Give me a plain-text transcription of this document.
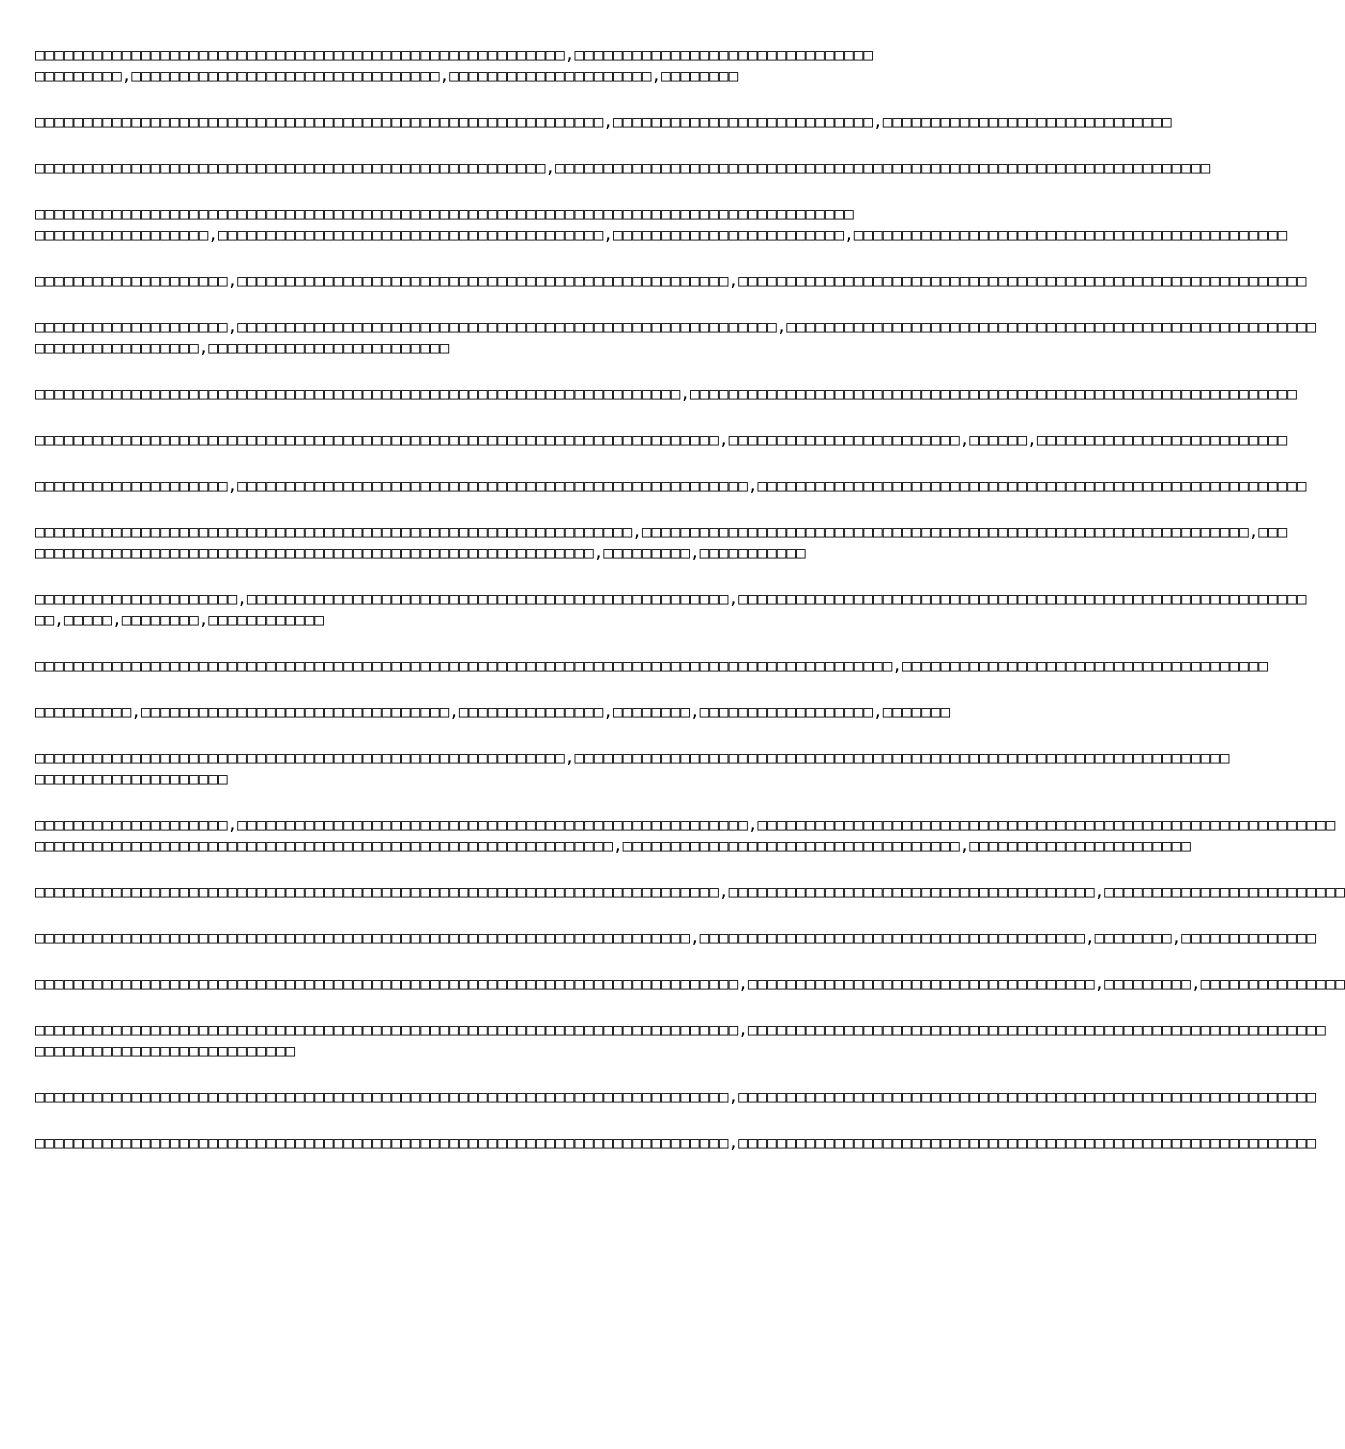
□□□□□□□□□□□□□□□□□□□□□□□□□□□□□□□□□□□□□□□□□□□□□□□□□□□□□□□,□□□□□□□□□□□□□□□□□□□□□□□□□□□□□□□
□□□□□□□□□,□□□□□□□□□□□□□□□□□□□□□□□□□□□□□□□□,□□□□□□□□□□□□□□□□□□□□□,□□□□□□□□
□□□□□□□□□□□□□□□□□□□□□□□□□□□□□□□□□□□□□□□□□□□□□□□□□□□□□□□□□□□,□□□□□□□□□□□□□□□□□□□□□□□□□□□,□□□□□□□□□□□□□□□□□□□□□□□□□□□□□□
□□□□□□□□□□□□□□□□□□□□□□□□□□□□□□□□□□□□□□□□□□□□□□□□□□□□□,□□□□□□□□□□□□□□□□□□□□□□□□□□□□□□□□□□□□□□□□□□□□□□□□□□□□□□□□□□□□□□□□□□□□
□□□□□□□□□□□□□□□□□□□□□□□□□□□□□□□□□□□□□□□□□□□□□□□□□□□□□□□□□□□□□□□□□□□□□□□□□□□□□□□□□□□□□
□□□□□□□□□□□□□□□□□□,□□□□□□□□□□□□□□□□□□□□□□□□□□□□□□□□□□□□□□□□,□□□□□□□□□□□□□□□□□□□□□□□□,□□□□□□□□□□□□□□□□□□□□□□□□□□□□□□□□□□□□□□□□□□□□□
□□□□□□□□□□□□□□□□□□□□,□□□□□□□□□□□□□□□□□□□□□□□□□□□□□□□□□□□□□□□□□□□□□□□□□□□,□□□□□□□□□□□□□□□□□□□□□□□□□□□□□□□□□□□□□□□□□□□□□□□□□□□□□□□□□□□
□□□□□□□□□□□□□□□□□□□□,□□□□□□□□□□□□□□□□□□□□□□□□□□□□□□□□□□□□□□□□□□□□□□□□□□□□□□□□,□□□□□□□□□□□□□□□□□□□□□□□□□□□□□□□□□□□□□□□□□□□□□□□□□□□□□□□
□□□□□□□□□□□□□□□□□,□□□□□□□□□□□□□□□□□□□□□□□□□
□□□□□□□□□□□□□□□□□□□□□□□□□□□□□□□□□□□□□□□□□□□□□□□□□□□□□□□□□□□□□□□□□□□,□□□□□□□□□□□□□□□□□□□□□□□□□□□□□□□□□□□□□□□□□□□□□□□□□□□□□□□□□□□□□□□
□□□□□□□□□□□□□□□□□□□□□□□□□□□□□□□□□□□□□□□□□□□□□□□□□□□□□□□□□□□□□□□□□□□□□□□,□□□□□□□□□□□□□□□□□□□□□□□□,□□□□□□,□□□□□□□□□□□□□□□□□□□□□□□□□□
□□□□□□□□□□□□□□□□□□□□,□□□□□□□□□□□□□□□□□□□□□□□□□□□□□□□□□□□□□□□□□□□□□□□□□□□□□,□□□□□□□□□□□□□□□□□□□□□□□□□□□□□□□□□□□□□□□□□□□□□□□□□□□□□□□□□
□□□□□□□□□□□□□□□□□□□□□□□□□□□□□□□□□□□□□□□□□□□□□□□□□□□□□□□□□□□□□□,□□□□□□□□□□□□□□□□□□□□□□□□□□□□□□□□□□□□□□□□□□□□□□□□□□□□□□□□□□□□□□□,□□□
□□□□□□□□□□□□□□□□□□□□□□□□□□□□□□□□□□□□□□□□□□□□□□□□□□□□□□□□□□,□□□□□□□□□,□□□□□□□□□□□
□□□□□□□□□□□□□□□□□□□□□,□□□□□□□□□□□□□□□□□□□□□□□□□□□□□□□□□□□□□□□□□□□□□□□□□□,□□□□□□□□□□□□□□□□□□□□□□□□□□□□□□□□□□□□□□□□□□□□□□□□□□□□□□□□□□□
□□,□□□□□,□□□□□□□□,□□□□□□□□□□□□
□□□□□□□□□□□□□□□□□□□□□□□□□□□□□□□□□□□□□□□□□□□□□□□□□□□□□□□□□□□□□□□□□□□□□□□□□□□□□□□□□□□□□□□□□,□□□□□□□□□□□□□□□□□□□□□□□□□□□□□□□□□□□□□□
□□□□□□□□□□,□□□□□□□□□□□□□□□□□□□□□□□□□□□□□□□□,□□□□□□□□□□□□□□□,□□□□□□□□,□□□□□□□□□□□□□□□□□□,□□□□□□□
□□□□□□□□□□□□□□□□□□□□□□□□□□□□□□□□□□□□□□□□□□□□□□□□□□□□□□□,□□□□□□□□□□□□□□□□□□□□□□□□□□□□□□□□□□□□□□□□□□□□□□□□□□□□□□□□□□□□□□□□□□□□
□□□□□□□□□□□□□□□□□□□□
□□□□□□□□□□□□□□□□□□□□,□□□□□□□□□□□□□□□□□□□□□□□□□□□□□□□□□□□□□□□□□□□□□□□□□□□□□,□□□□□□□□□□□□□□□□□□□□□□□□□□□□□□□□□□□□□□□□□□□□□□□□□□□□□□□□□□□□
□□□□□□□□□□□□□□□□□□□□□□□□□□□□□□□□□□□□□□□□□□□□□□□□□□□□□□□□□□□□,□□□□□□□□□□□□□□□□□□□□□□□□□□□□□□□□□□□,□□□□□□□□□□□□□□□□□□□□□□□
□□□□□□□□□□□□□□□□□□□□□□□□□□□□□□□□□□□□□□□□□□□□□□□□□□□□□□□□□□□□□□□□□□□□□□□,□□□□□□□□□□□□□□□□□□□□□□□□□□□□□□□□□□□□□□,□□□□□□□□□□□□□□□□□□□□□□□□□
□□□□□□□□□□□□□□□□□□□□□□□□□□□□□□□□□□□□□□□□□□□□□□□□□□□□□□□□□□□□□□□□□□□□,□□□□□□□□□□□□□□□□□□□□□□□□□□□□□□□□□□□□□□□□,□□□□□□□□,□□□□□□□□□□□□□□
□□□□□□□□□□□□□□□□□□□□□□□□□□□□□□□□□□□□□□□□□□□□□□□□□□□□□□□□□□□□□□□□□□□□□□□□□,□□□□□□□□□□□□□□□□□□□□□□□□□□□□□□□□□□□□,□□□□□□□□□,□□□□□□□□□□□□□□□
□□□□□□□□□□□□□□□□□□□□□□□□□□□□□□□□□□□□□□□□□□□□□□□□□□□□□□□□□□□□□□□□□□□□□□□□□,□□□□□□□□□□□□□□□□□□□□□□□□□□□□□□□□□□□□□□□□□□□□□□□□□□□□□□□□□□□□
□□□□□□□□□□□□□□□□□□□□□□□□□□□
□□□□□□□□□□□□□□□□□□□□□□□□□□□□□□□□□□□□□□□□□□□□□□□□□□□□□□□□□□□□□□□□□□□□□□□□,□□□□□□□□□□□□□□□□□□□□□□□□□□□□□□□□□□□□□□□□□□□□□□□□□□□□□□□□□□□□
□□□□□□□□□□□□□□□□□□□□□□□□□□□□□□□□□□□□□□□□□□□□□□□□□□□□□□□□□□□□□□□□□□□□□□□□,□□□□□□□□□□□□□□□□□□□□□□□□□□□□□□□□□□□□□□□□□□□□□□□□□□□□□□□□□□□□
